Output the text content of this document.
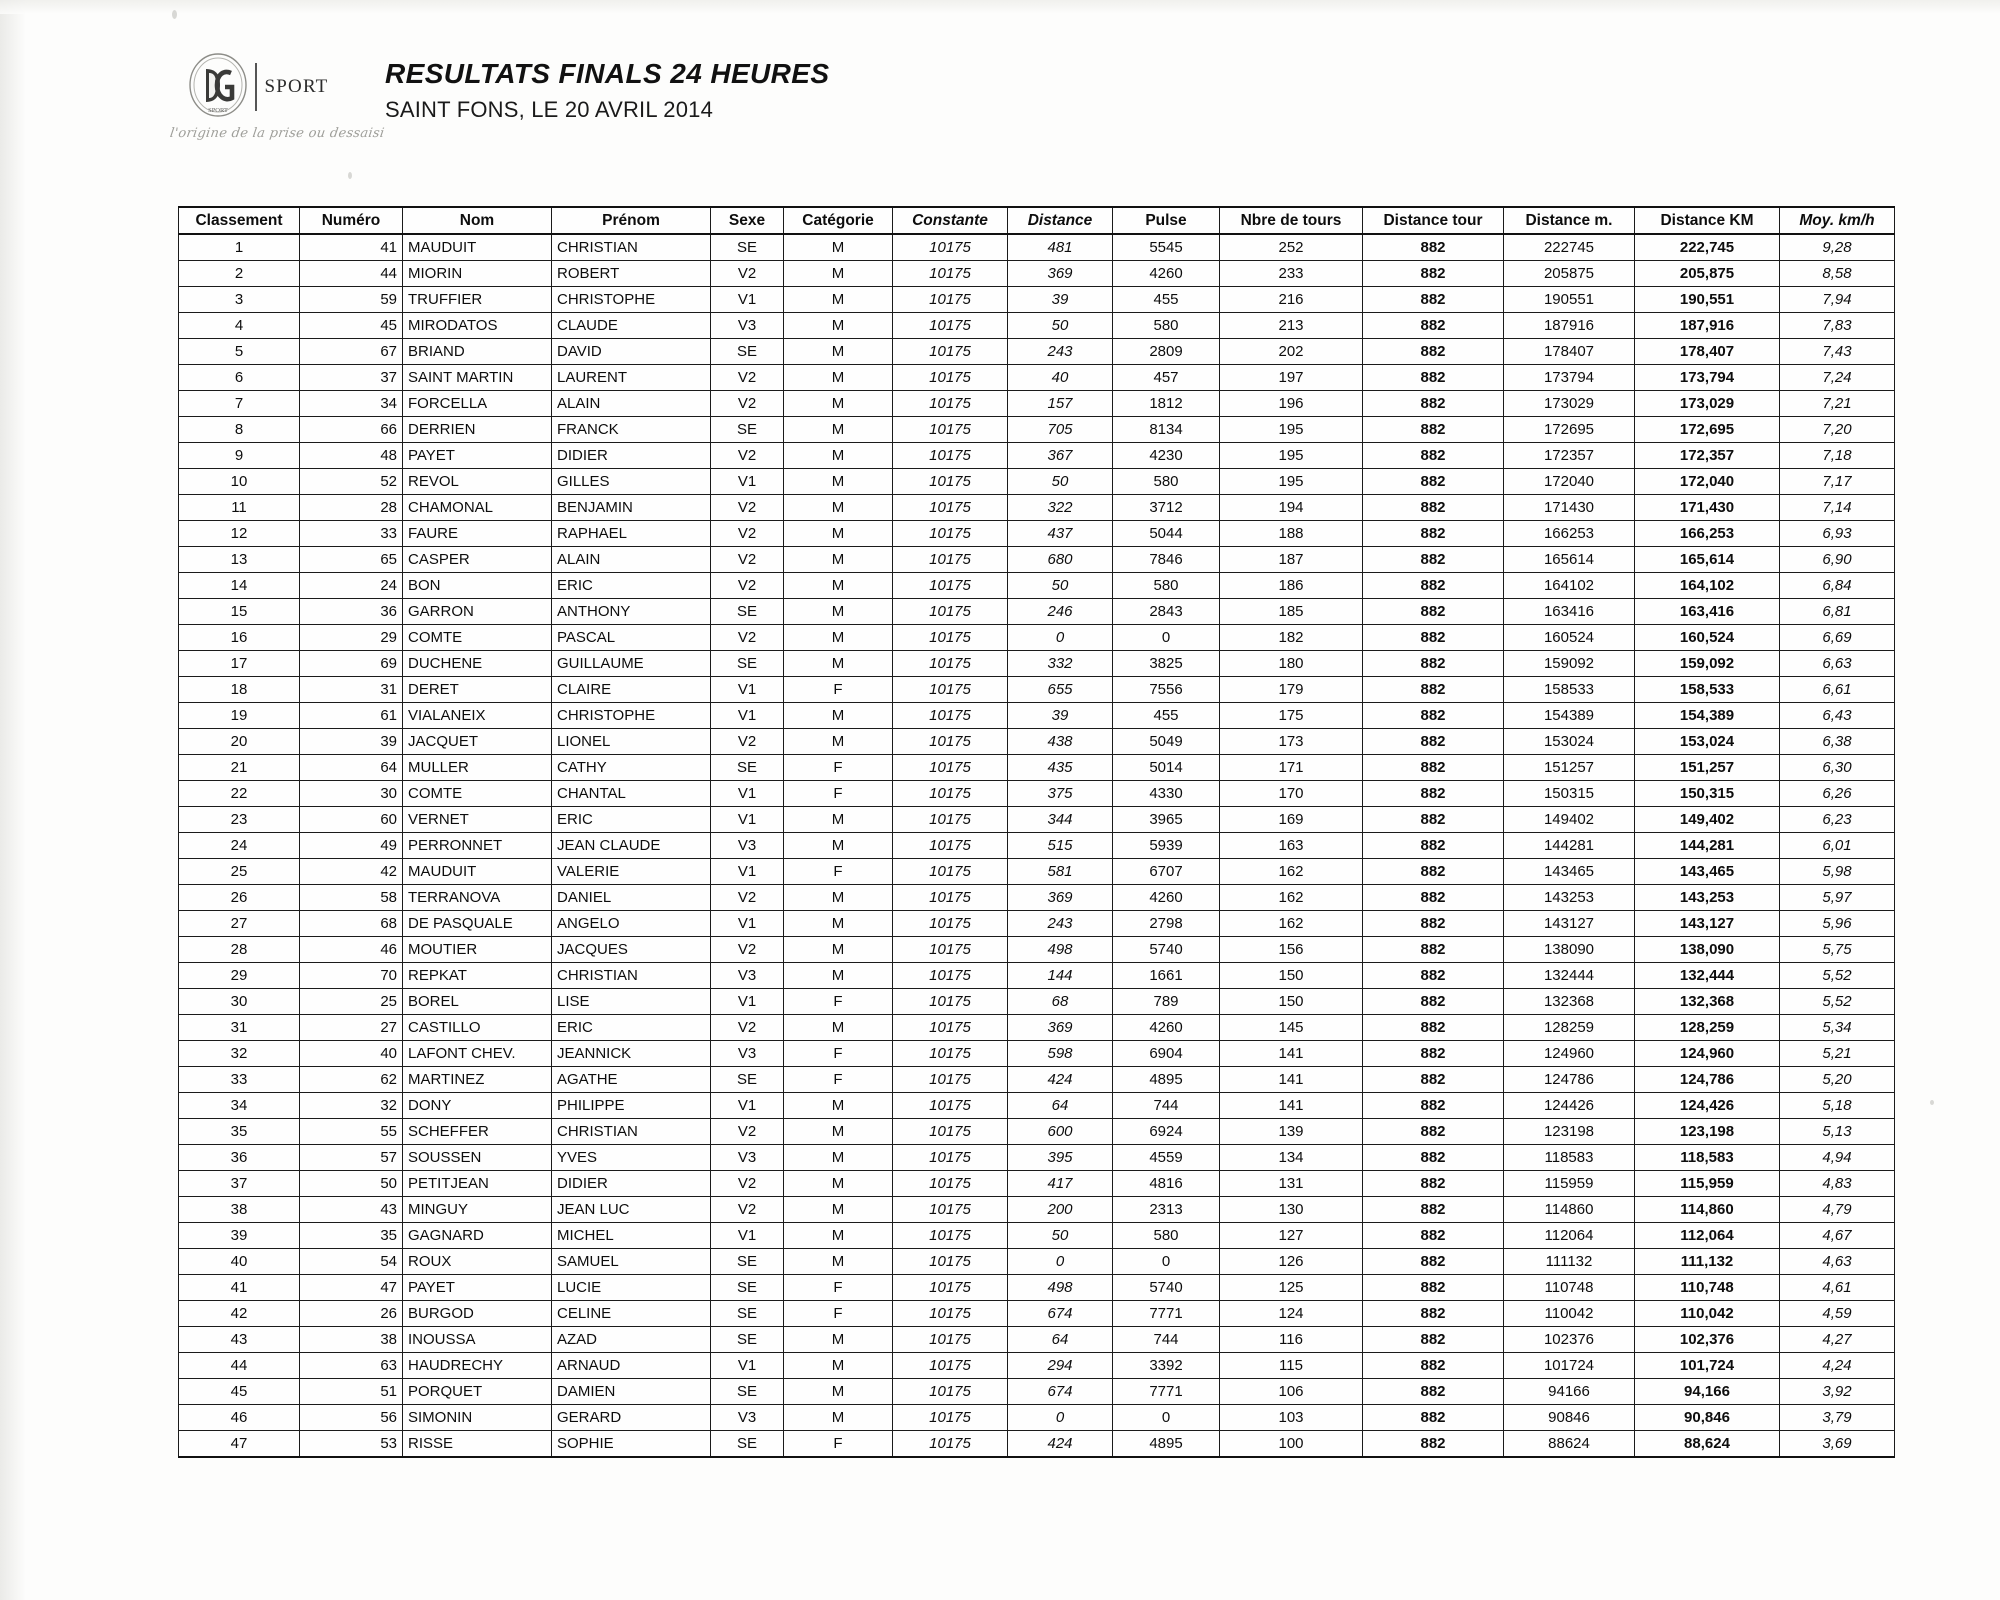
SPORT
SPORT
l'origine de la prise ou dessaisi
RESULTATS FINALS 24 HEURES
SAINT FONS, LE 20 AVRIL 2014
Classement	Numéro	Nom	Prénom	Sexe	Catégorie	Constante	Distance	Pulse	Nbre de tours	Distance tour	Distance m.	Distance KM	Moy. km/h
1	41	MAUDUIT	CHRISTIAN	SE	M	10175	481	5545	252	882	222745	222,745	9,28
2	44	MIORIN	ROBERT	V2	M	10175	369	4260	233	882	205875	205,875	8,58
3	59	TRUFFIER	CHRISTOPHE	V1	M	10175	39	455	216	882	190551	190,551	7,94
4	45	MIRODATOS	CLAUDE	V3	M	10175	50	580	213	882	187916	187,916	7,83
5	67	BRIAND	DAVID	SE	M	10175	243	2809	202	882	178407	178,407	7,43
6	37	SAINT MARTIN	LAURENT	V2	M	10175	40	457	197	882	173794	173,794	7,24
7	34	FORCELLA	ALAIN	V2	M	10175	157	1812	196	882	173029	173,029	7,21
8	66	DERRIEN	FRANCK	SE	M	10175	705	8134	195	882	172695	172,695	7,20
9	48	PAYET	DIDIER	V2	M	10175	367	4230	195	882	172357	172,357	7,18
10	52	REVOL	GILLES	V1	M	10175	50	580	195	882	172040	172,040	7,17
11	28	CHAMONAL	BENJAMIN	V2	M	10175	322	3712	194	882	171430	171,430	7,14
12	33	FAURE	RAPHAEL	V2	M	10175	437	5044	188	882	166253	166,253	6,93
13	65	CASPER	ALAIN	V2	M	10175	680	7846	187	882	165614	165,614	6,90
14	24	BON	ERIC	V2	M	10175	50	580	186	882	164102	164,102	6,84
15	36	GARRON	ANTHONY	SE	M	10175	246	2843	185	882	163416	163,416	6,81
16	29	COMTE	PASCAL	V2	M	10175	0	0	182	882	160524	160,524	6,69
17	69	DUCHENE	GUILLAUME	SE	M	10175	332	3825	180	882	159092	159,092	6,63
18	31	DERET	CLAIRE	V1	F	10175	655	7556	179	882	158533	158,533	6,61
19	61	VIALANEIX	CHRISTOPHE	V1	M	10175	39	455	175	882	154389	154,389	6,43
20	39	JACQUET	LIONEL	V2	M	10175	438	5049	173	882	153024	153,024	6,38
21	64	MULLER	CATHY	SE	F	10175	435	5014	171	882	151257	151,257	6,30
22	30	COMTE	CHANTAL	V1	F	10175	375	4330	170	882	150315	150,315	6,26
23	60	VERNET	ERIC	V1	M	10175	344	3965	169	882	149402	149,402	6,23
24	49	PERRONNET	JEAN CLAUDE	V3	M	10175	515	5939	163	882	144281	144,281	6,01
25	42	MAUDUIT	VALERIE	V1	F	10175	581	6707	162	882	143465	143,465	5,98
26	58	TERRANOVA	DANIEL	V2	M	10175	369	4260	162	882	143253	143,253	5,97
27	68	DE PASQUALE	ANGELO	V1	M	10175	243	2798	162	882	143127	143,127	5,96
28	46	MOUTIER	JACQUES	V2	M	10175	498	5740	156	882	138090	138,090	5,75
29	70	REPKAT	CHRISTIAN	V3	M	10175	144	1661	150	882	132444	132,444	5,52
30	25	BOREL	LISE	V1	F	10175	68	789	150	882	132368	132,368	5,52
31	27	CASTILLO	ERIC	V2	M	10175	369	4260	145	882	128259	128,259	5,34
32	40	LAFONT CHEV.	JEANNICK	V3	F	10175	598	6904	141	882	124960	124,960	5,21
33	62	MARTINEZ	AGATHE	SE	F	10175	424	4895	141	882	124786	124,786	5,20
34	32	DONY	PHILIPPE	V1	M	10175	64	744	141	882	124426	124,426	5,18
35	55	SCHEFFER	CHRISTIAN	V2	M	10175	600	6924	139	882	123198	123,198	5,13
36	57	SOUSSEN	YVES	V3	M	10175	395	4559	134	882	118583	118,583	4,94
37	50	PETITJEAN	DIDIER	V2	M	10175	417	4816	131	882	115959	115,959	4,83
38	43	MINGUY	JEAN LUC	V2	M	10175	200	2313	130	882	114860	114,860	4,79
39	35	GAGNARD	MICHEL	V1	M	10175	50	580	127	882	112064	112,064	4,67
40	54	ROUX	SAMUEL	SE	M	10175	0	0	126	882	111132	111,132	4,63
41	47	PAYET	LUCIE	SE	F	10175	498	5740	125	882	110748	110,748	4,61
42	26	BURGOD	CELINE	SE	F	10175	674	7771	124	882	110042	110,042	4,59
43	38	INOUSSA	AZAD	SE	M	10175	64	744	116	882	102376	102,376	4,27
44	63	HAUDRECHY	ARNAUD	V1	M	10175	294	3392	115	882	101724	101,724	4,24
45	51	PORQUET	DAMIEN	SE	M	10175	674	7771	106	882	94166	94,166	3,92
46	56	SIMONIN	GERARD	V3	M	10175	0	0	103	882	90846	90,846	3,79
47	53	RISSE	SOPHIE	SE	F	10175	424	4895	100	882	88624	88,624	3,69
